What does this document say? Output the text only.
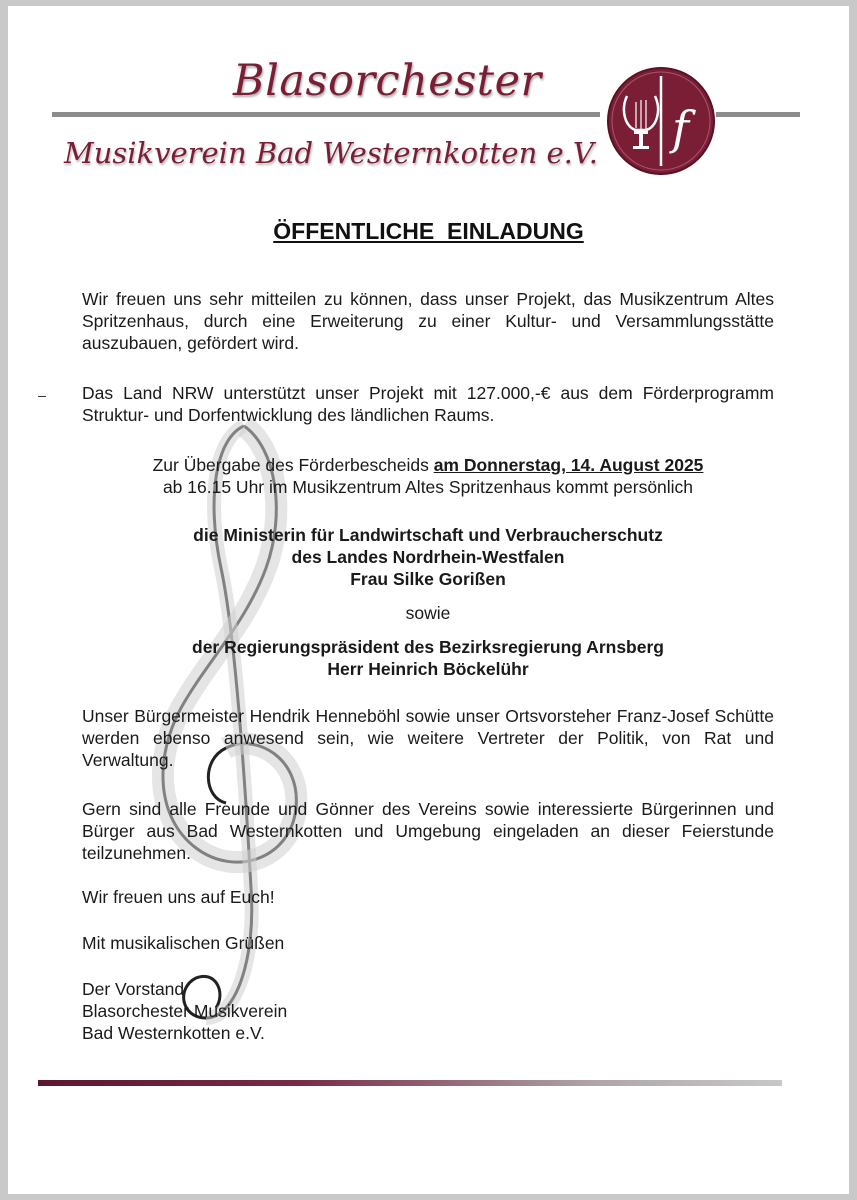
Blasorchester
Musikverein Bad Westernkotten e.V. f
ÖFFENTLICHE  EINLADUNG
Wir freuen uns sehr mitteilen zu können, dass unser Projekt, das Musikzentrum Altes Spritzenhaus, durch eine Erweiterung zu einer Kultur- und Versammlungsstätte auszubauen, gefördert wird.
Das Land NRW unterstützt unser Projekt mit 127.000,-€ aus dem Förderprogramm Struktur- und Dorfentwicklung des ländlichen Raums.
Zur Übergabe des Förderbescheids am Donnerstag, 14. August 2025
ab 16.15 Uhr im Musikzentrum Altes Spritzenhaus kommt persönlich
die Ministerin für Landwirtschaft und Verbraucherschutz
des Landes Nordrhein-Westfalen
Frau Silke Gorißen
sowie
der Regierungspräsident des Bezirksregierung Arnsberg
Herr Heinrich Böckelühr
Unser Bürgermeister Hendrik Henneböhl sowie unser Ortsvorsteher Franz-Josef Schütte werden ebenso anwesend sein, wie weitere Vertreter der Politik, von Rat und Verwaltung.
Gern sind alle Freunde und Gönner des Vereins sowie interessierte Bürgerinnen und Bürger aus Bad Westernkotten und Umgebung eingeladen an dieser Feierstunde teilzunehmen.
Wir freuen uns auf Euch!
Mit musikalischen Grüßen
Der Vorstand
Blasorchester Musikverein
Bad Westernkotten e.V.
